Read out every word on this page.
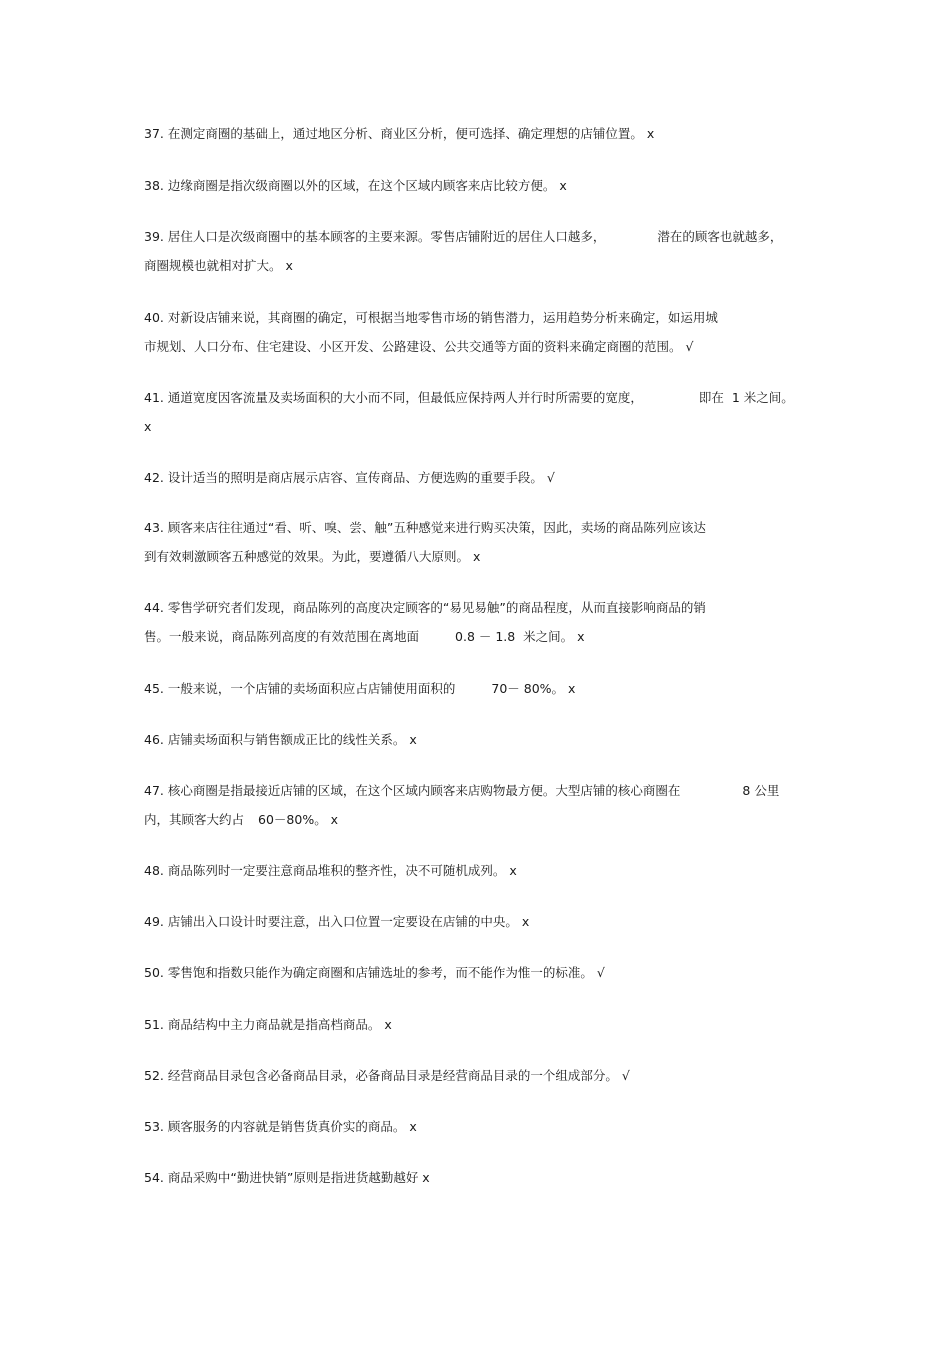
37. 在测定商圈的基础上，通过地区分析、商业区分析，便可选择、确定理想的店铺位置。 x
38. 边缘商圈是指次级商圈以外的区域，在这个区域内顾客来店比较方便。 x
39. 居住人口是次级商圈中的基本顾客的主要来源。零售店铺附近的居住人口越多，	潜在的顾客也就越多，
商圈规模也就相对扩大。 x
40. 对新设店铺来说，其商圈的确定，可根据当地零售市场的销售潜力，运用趋势分析来确定，如运用城
市规划、人口分布、住宅建设、小区开发、公路建设、公共交通等方面的资料来确定商圈的范围。 √
41. 通道宽度因客流量及卖场面积的大小而不同，但最低应保持两人并行时所需要的宽度，	即在  1 米之间。
x
42. 设计适当的照明是商店展示店容、宣传商品、方便选购的重要手段。 √
43. 顾客来店往往通过“看、听、嗅、尝、触”五种感觉来进行购买决策，因此，卖场的商品陈列应该达
到有效刺激顾客五种感觉的效果。为此，要遵循八大原则。 x
44. 零售学研究者们发现，商品陈列的高度决定顾客的“易见易触”的商品程度，从而直接影响商品的销
售。一般来说，商品陈列高度的有效范围在离地面	0.8 － 1.8  米之间。 x
45. 一般来说，一个店铺的卖场面积应占店铺使用面积的	70－ 80%。 x
46. 店铺卖场面积与销售额成正比的线性关系。 x
47. 核心商圈是指最接近店铺的区域，在这个区域内顾客来店购物最方便。大型店铺的核心商圈在	8 公里
内，其顾客大约占 60－80%。 x
48. 商品陈列时一定要注意商品堆积的整齐性，决不可随机成列。 x
49. 店铺出入口设计时要注意，出入口位置一定要设在店铺的中央。 x
50. 零售饱和指数只能作为确定商圈和店铺选址的参考，而不能作为惟一的标准。 √
51. 商品结构中主力商品就是指高档商品。 x
52. 经营商品目录包含必备商品目录，必备商品目录是经营商品目录的一个组成部分。 √
53. 顾客服务的内容就是销售货真价实的商品。 x
54. 商品采购中“勤进快销”原则是指进货越勤越好 x
